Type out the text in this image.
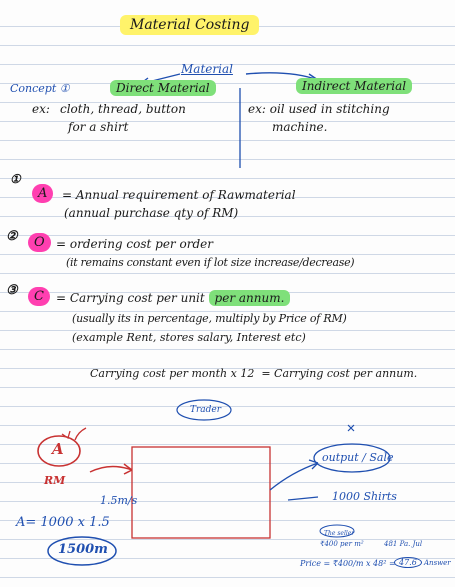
Material Costing
Material
Concept ①	Direct Material
ex: cloth, thread, button
for a shirt
Indirect Material
ex: oil used in stitching
machine.
①
A	= Annual requirement of Rawmaterial
(annual purchase qty of RM)
②	O = ordering cost per order
(it remains constant even if lot size increase/decrease)
③	C	= Carrying cost per unit per annum.
(usually its in percentage, multiply by Price of RM)
(example Rent, stores salary, Interest etc)
Carrying cost per month x 12  = Carrying cost per annum.
Trader
A
RM
1.5m/s
output / Sale
1000 Shirts
A= 1000 x 1.5
1500m
The seller
₹400 per m²	481 Pa. Jul
Price = ₹400/m x 48² = 47.6	Answer
